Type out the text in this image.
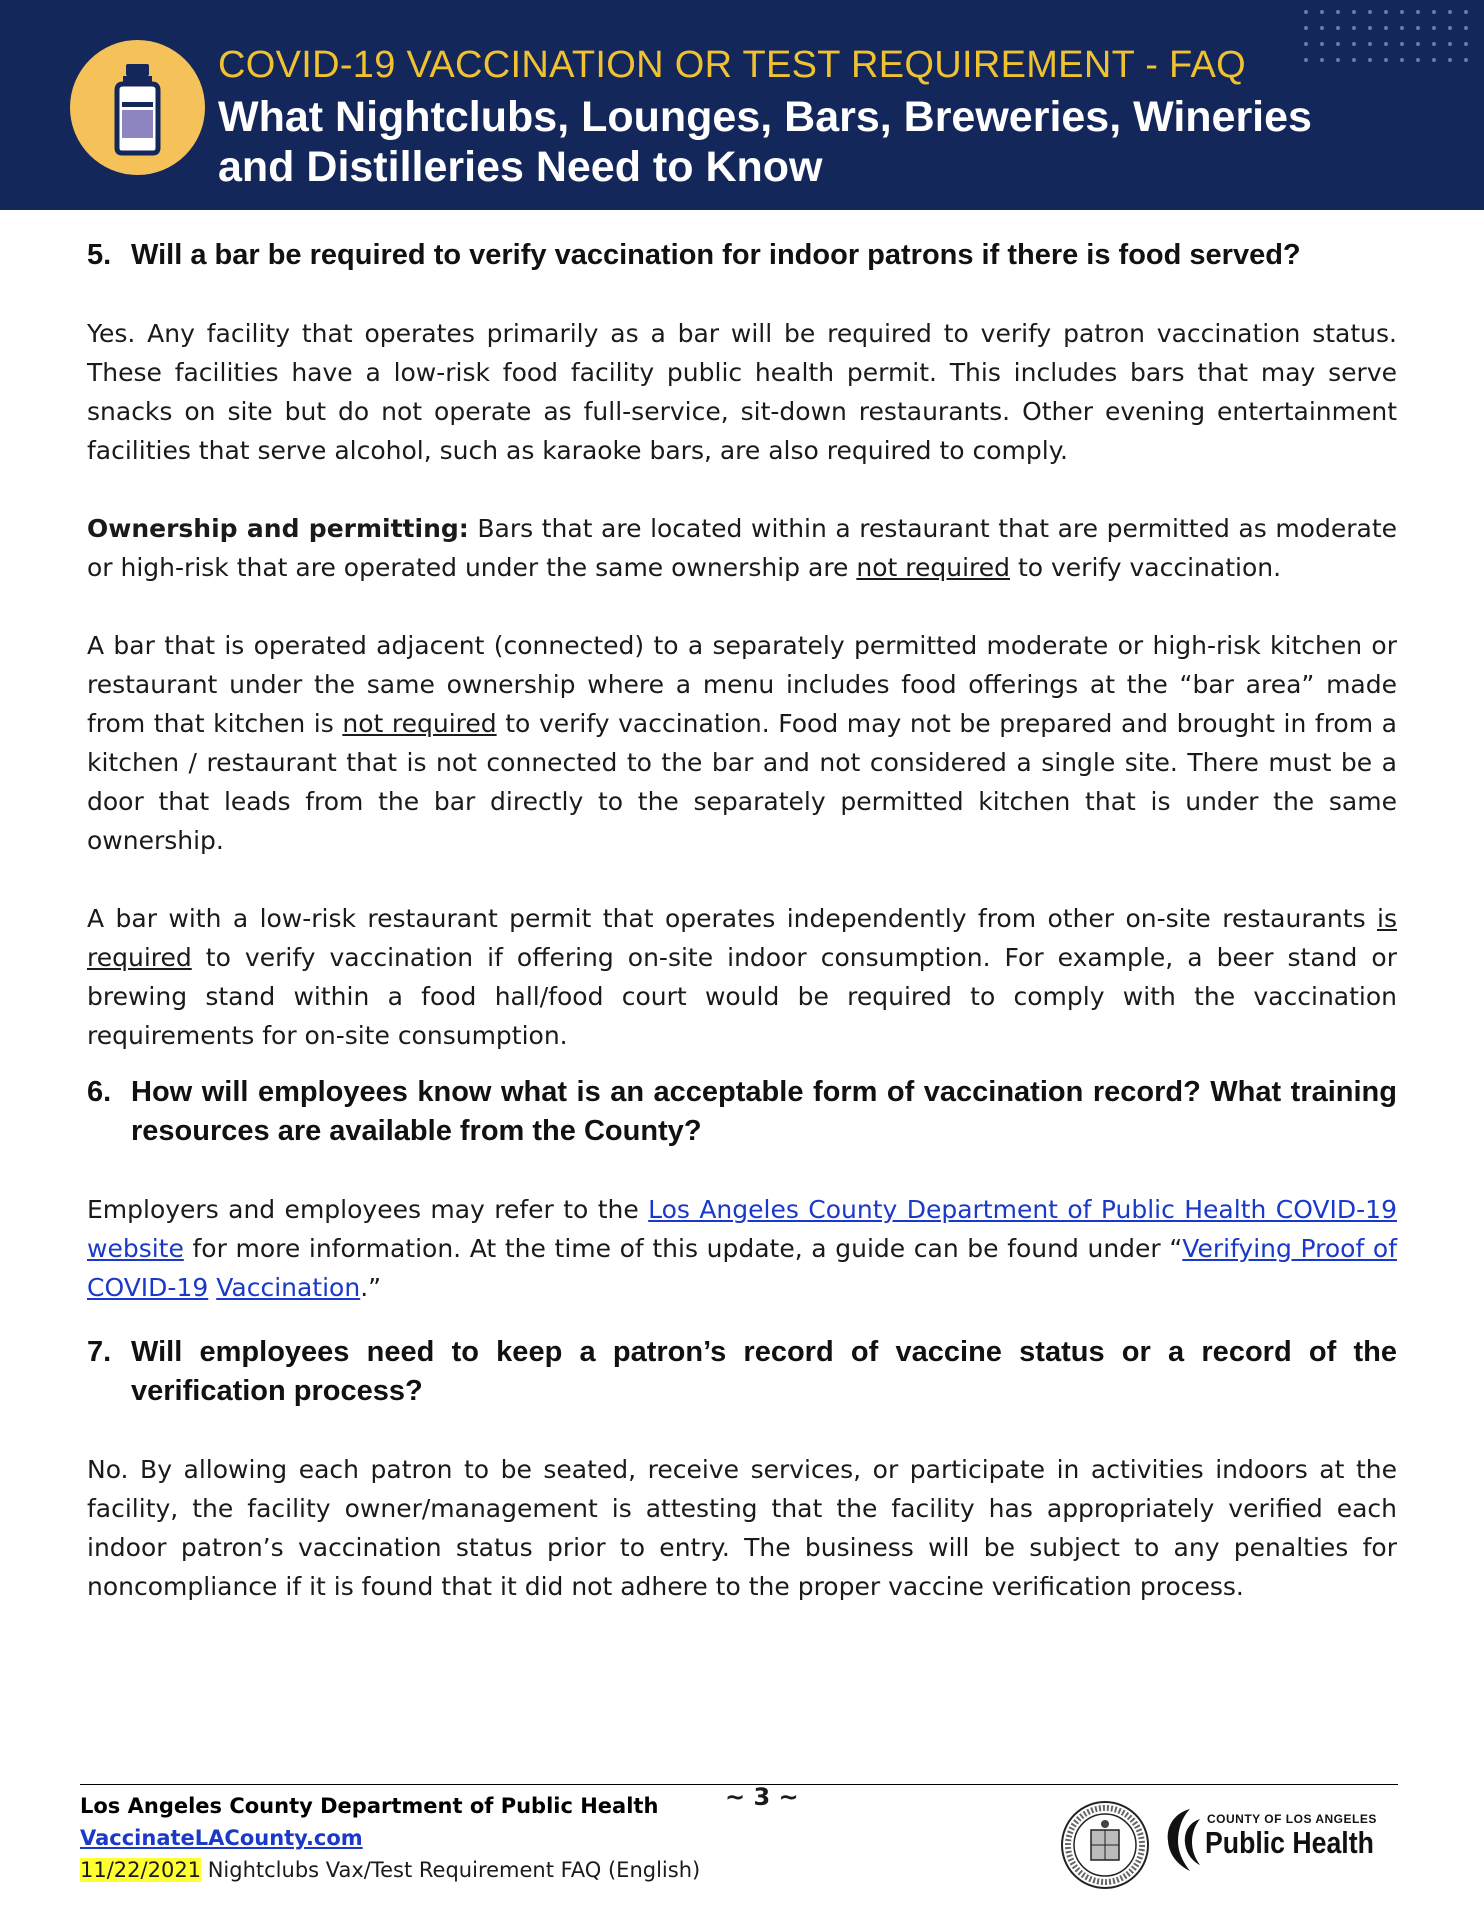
COVID-19 VACCINATION OR TEST REQUIREMENT - FAQ
What Nightclubs, Lounges, Bars, Breweries, Wineries
and Distilleries Need to Know
5. Will a bar be required to verify vaccination for indoor patrons if there is food served?

Yes. Any facility that operates primarily as a bar will be required to verify patron vaccination status. These facilities have a low-risk food facility public health permit. This includes bars that may serve snacks on site but do not operate as full-service, sit-down restaurants. Other evening entertainment facilities that serve alcohol, such as karaoke bars, are also required to comply.

Ownership and permitting: Bars that are located within a restaurant that are permitted as moderate or high-risk that are operated under the same ownership are not required to verify vaccination.

A bar that is operated adjacent (connected) to a separately permitted moderate or high-risk kitchen or restaurant under the same ownership where a menu includes food offerings at the “bar area” made from that kitchen is not required to verify vaccination. Food may not be prepared and brought in from a kitchen / restaurant that is not connected to the bar and not considered a single site. There must be a door that leads from the bar directly to the separately permitted kitchen that is under the same ownership.

A bar with a low-risk restaurant permit that operates independently from other on-site restaurants is required to verify vaccination if offering on-site indoor consumption. For example, a beer stand or brewing stand within a food hall/food court would be required to comply with the vaccination requirements for on-site consumption.

6. How will employees know what is an acceptable form of vaccination record? What training resources are available from the County?

Employers and employees may refer to the Los Angeles County Department of Public Health COVID-19 website for more information. At the time of this update, a guide can be found under “Verifying Proof of COVID-19 Vaccination.”

7. Will employees need to keep a patron’s record of vaccine status or a record of the verification process?

No. By allowing each patron to be seated, receive services, or participate in activities indoors at the facility, the facility owner/management is attesting that the facility has appropriately verified each indoor patron’s vaccination status prior to entry. The business will be subject to any penalties for noncompliance if it is found that it did not adhere to the proper vaccine verification process.

Los Angeles County Department of Public Health
VaccinateLACounty.com
11/22/2021 Nightclubs Vax/Test Requirement FAQ (English)
~ 3 ~
COUNTY OF LOS ANGELES
Public Health
